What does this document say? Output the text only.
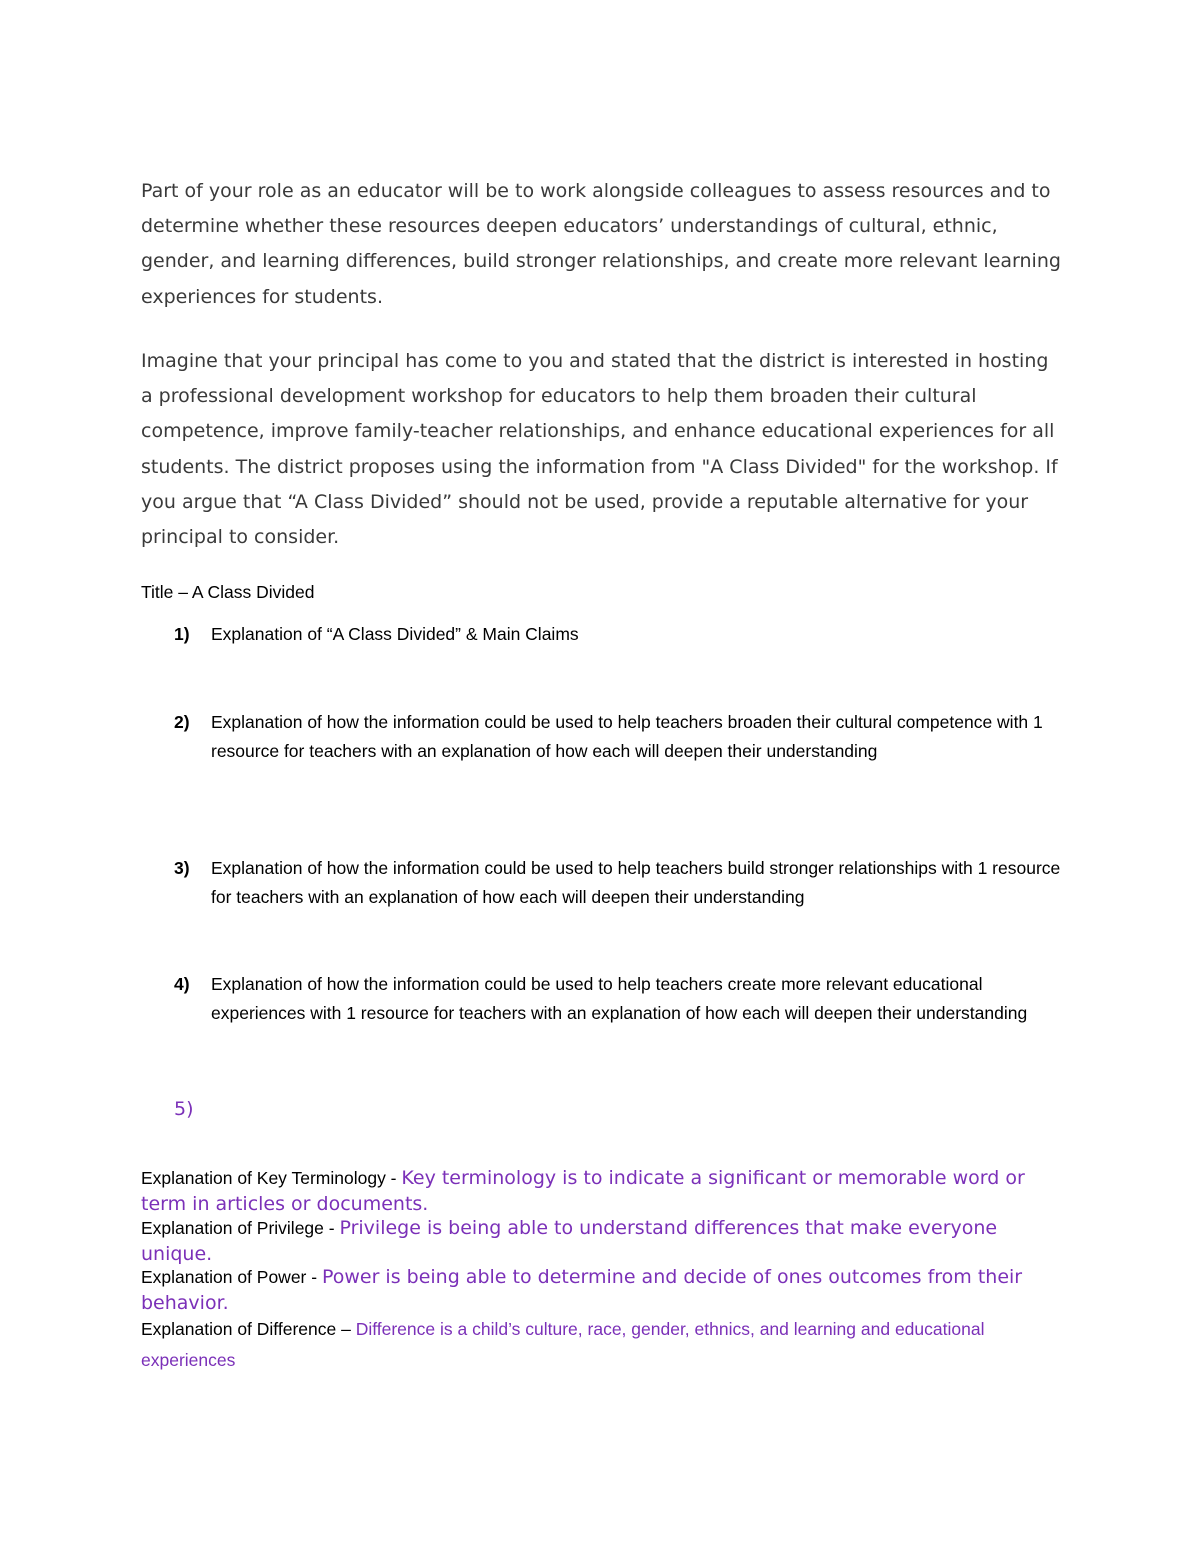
Part of your role as an educator will be to work alongside colleagues to assess resources and to determine whether these resources deepen educators’ understandings of cultural, ethnic, gender, and learning differences, build stronger relationships, and create more relevant learning experiences for students.

Imagine that your principal has come to you and stated that the district is interested in hosting a professional development workshop for educators to help them broaden their cultural competence, improve family-teacher relationships, and enhance educational experiences for all students. The district proposes using the information from "A Class Divided" for the workshop. If you argue that “A Class Divided” should not be used, provide a reputable alternative for your principal to consider.

Title – A Class Divided

1) Explanation of “A Class Divided” & Main Claims
2) Explanation of how the information could be used to help teachers broaden their cultural competence with 1 resource for teachers with an explanation of how each will deepen their understanding
3) Explanation of how the information could be used to help teachers build stronger relationships with 1 resource for teachers with an explanation of how each will deepen their understanding
4) Explanation of how the information could be used to help teachers create more relevant educational experiences with 1 resource for teachers with an explanation of how each will deepen their understanding
5)
Explanation of Key Terminology - Key terminology is to indicate a significant or memorable word or term in articles or documents.
Explanation of Privilege - Privilege is being able to understand differences that make everyone unique.
Explanation of Power - Power is being able to determine and decide of ones outcomes from their behavior.
Explanation of Difference – Difference is a child’s culture, race, gender, ethnics, and learning and educational experiences
